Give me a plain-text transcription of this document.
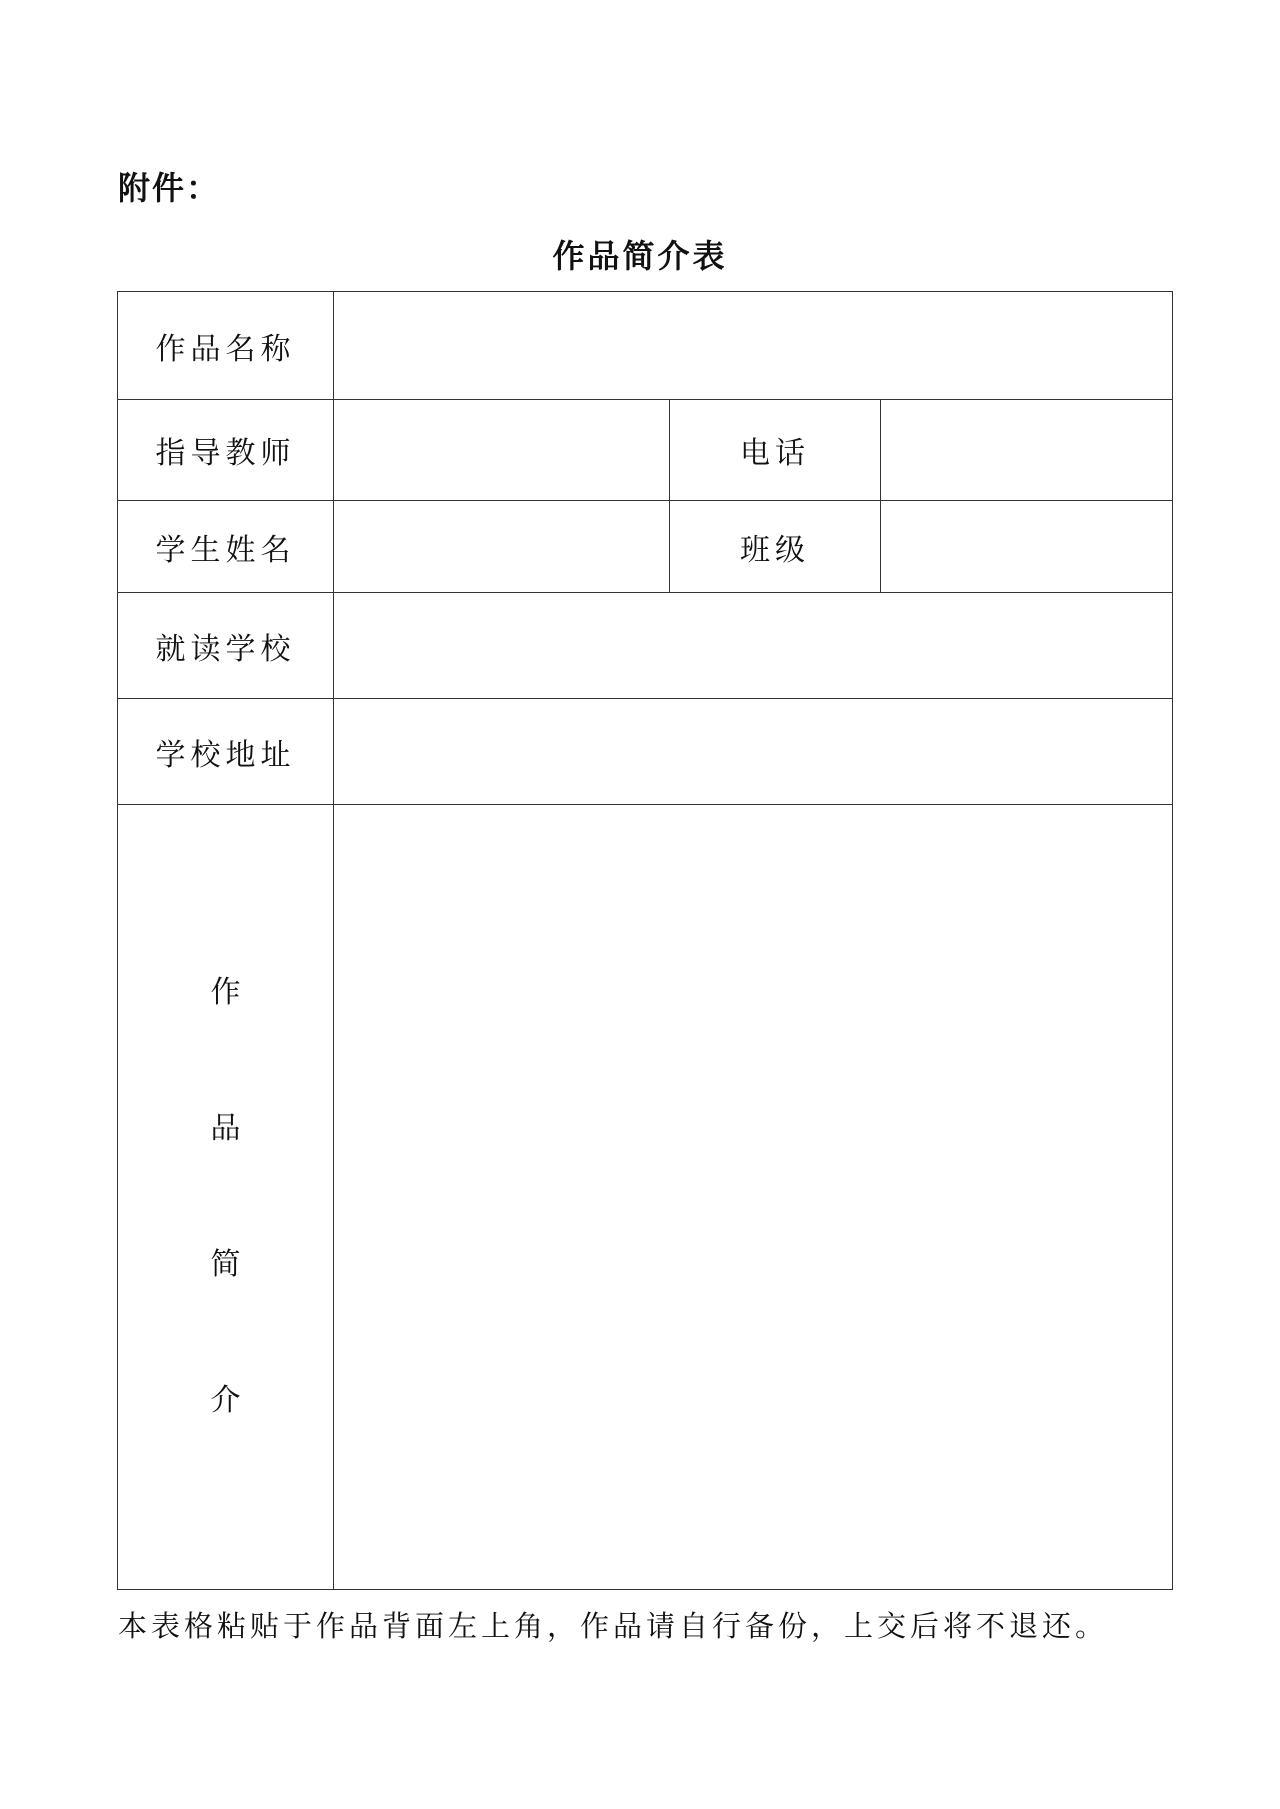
附件：
作品简介表
作品名称			
指导教师		电话	
学生姓名		班级	
就读学校			
学校地址			

作
品
简
介			

本表格粘贴于作品背面左上角，作品请自行备份，上交后将不退还。
